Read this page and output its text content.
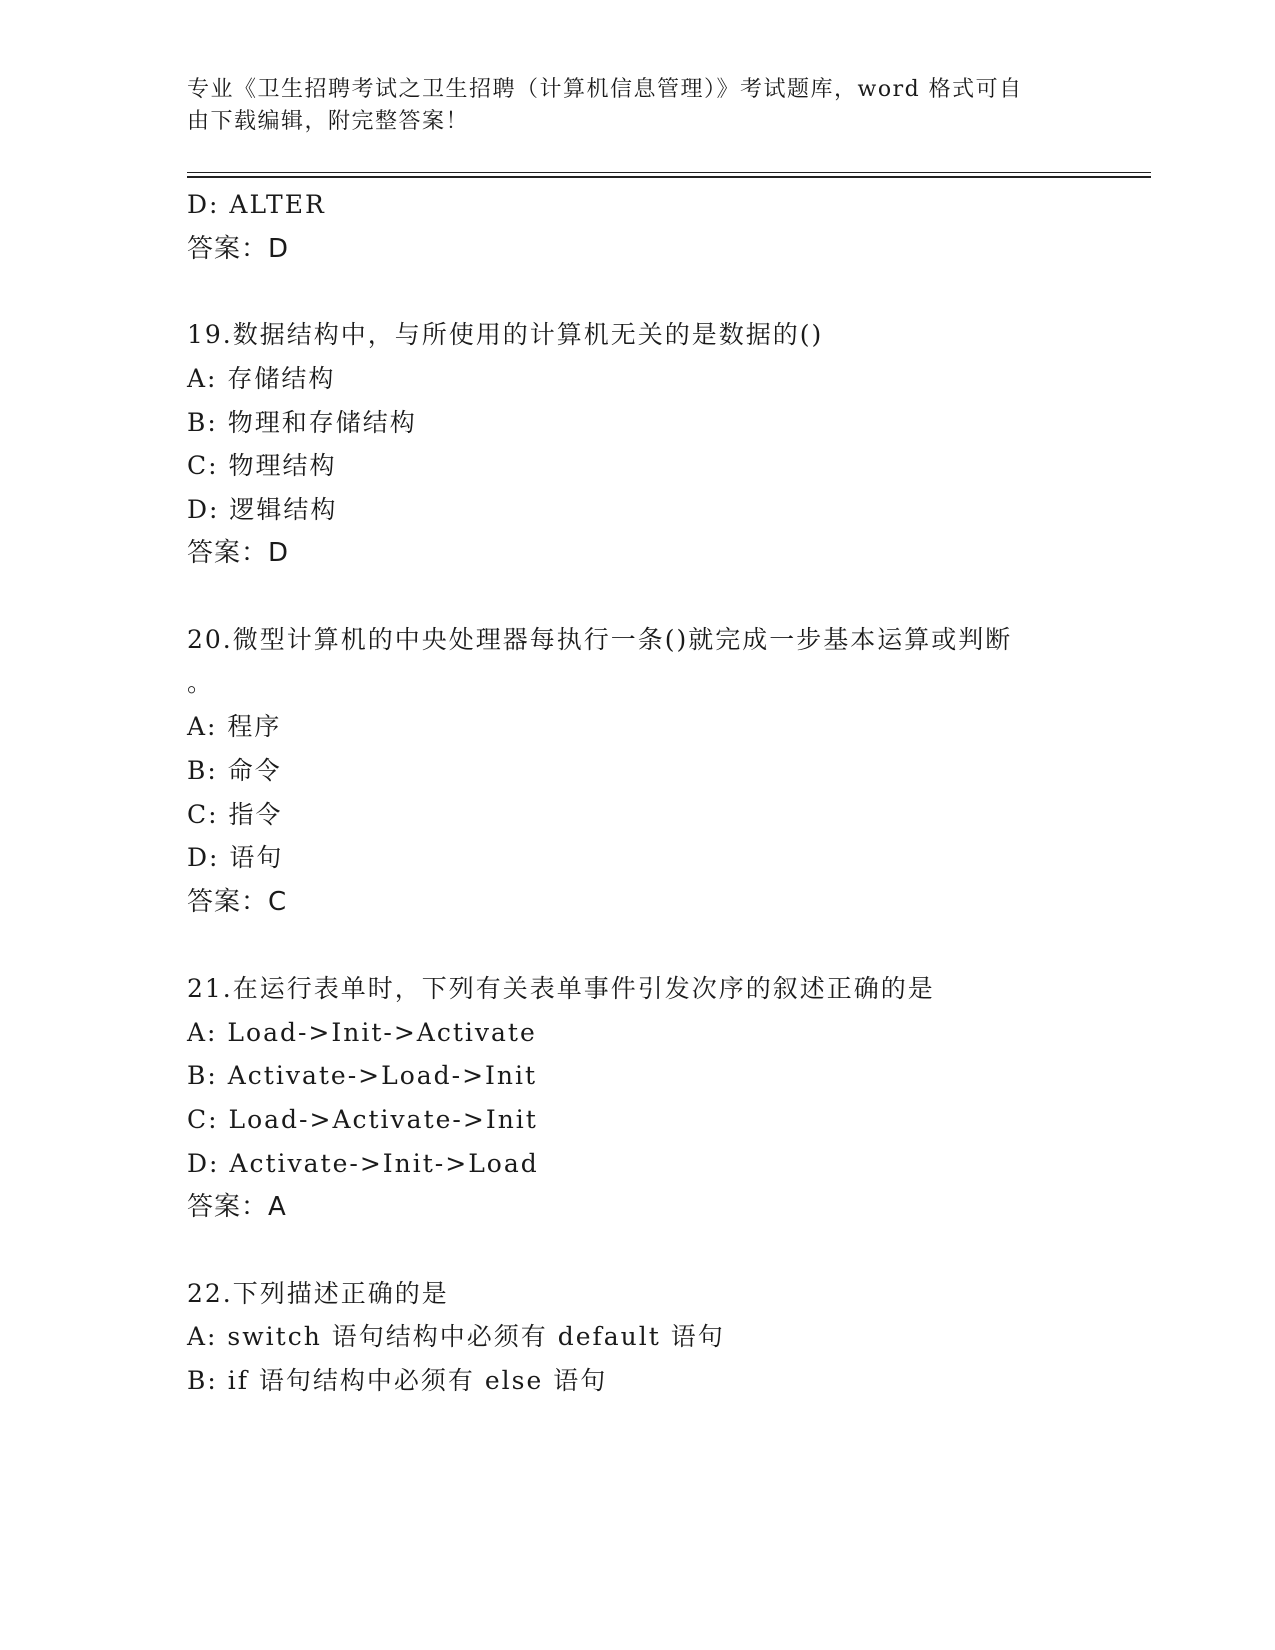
专业《卫生招聘考试之卫生招聘（计算机信息管理）》考试题库，word 格式可自
由下载编辑，附完整答案！
D: ALTER
答案：D
19.数据结构中，与所使用的计算机无关的是数据的()
A: 存储结构
B: 物理和存储结构
C: 物理结构
D: 逻辑结构
答案：D
20.微型计算机的中央处理器每执行一条()就完成一步基本运算或判断
。
A: 程序
B: 命令
C: 指令
D: 语句
答案：C
21.在运行表单时，下列有关表单事件引发次序的叙述正确的是
A: Load->Init->Activate
B: Activate->Load->Init
C: Load->Activate->Init
D: Activate->Init->Load
答案：A
22.下列描述正确的是
A: switch 语句结构中必须有 default 语句
B: if 语句结构中必须有 else 语句
